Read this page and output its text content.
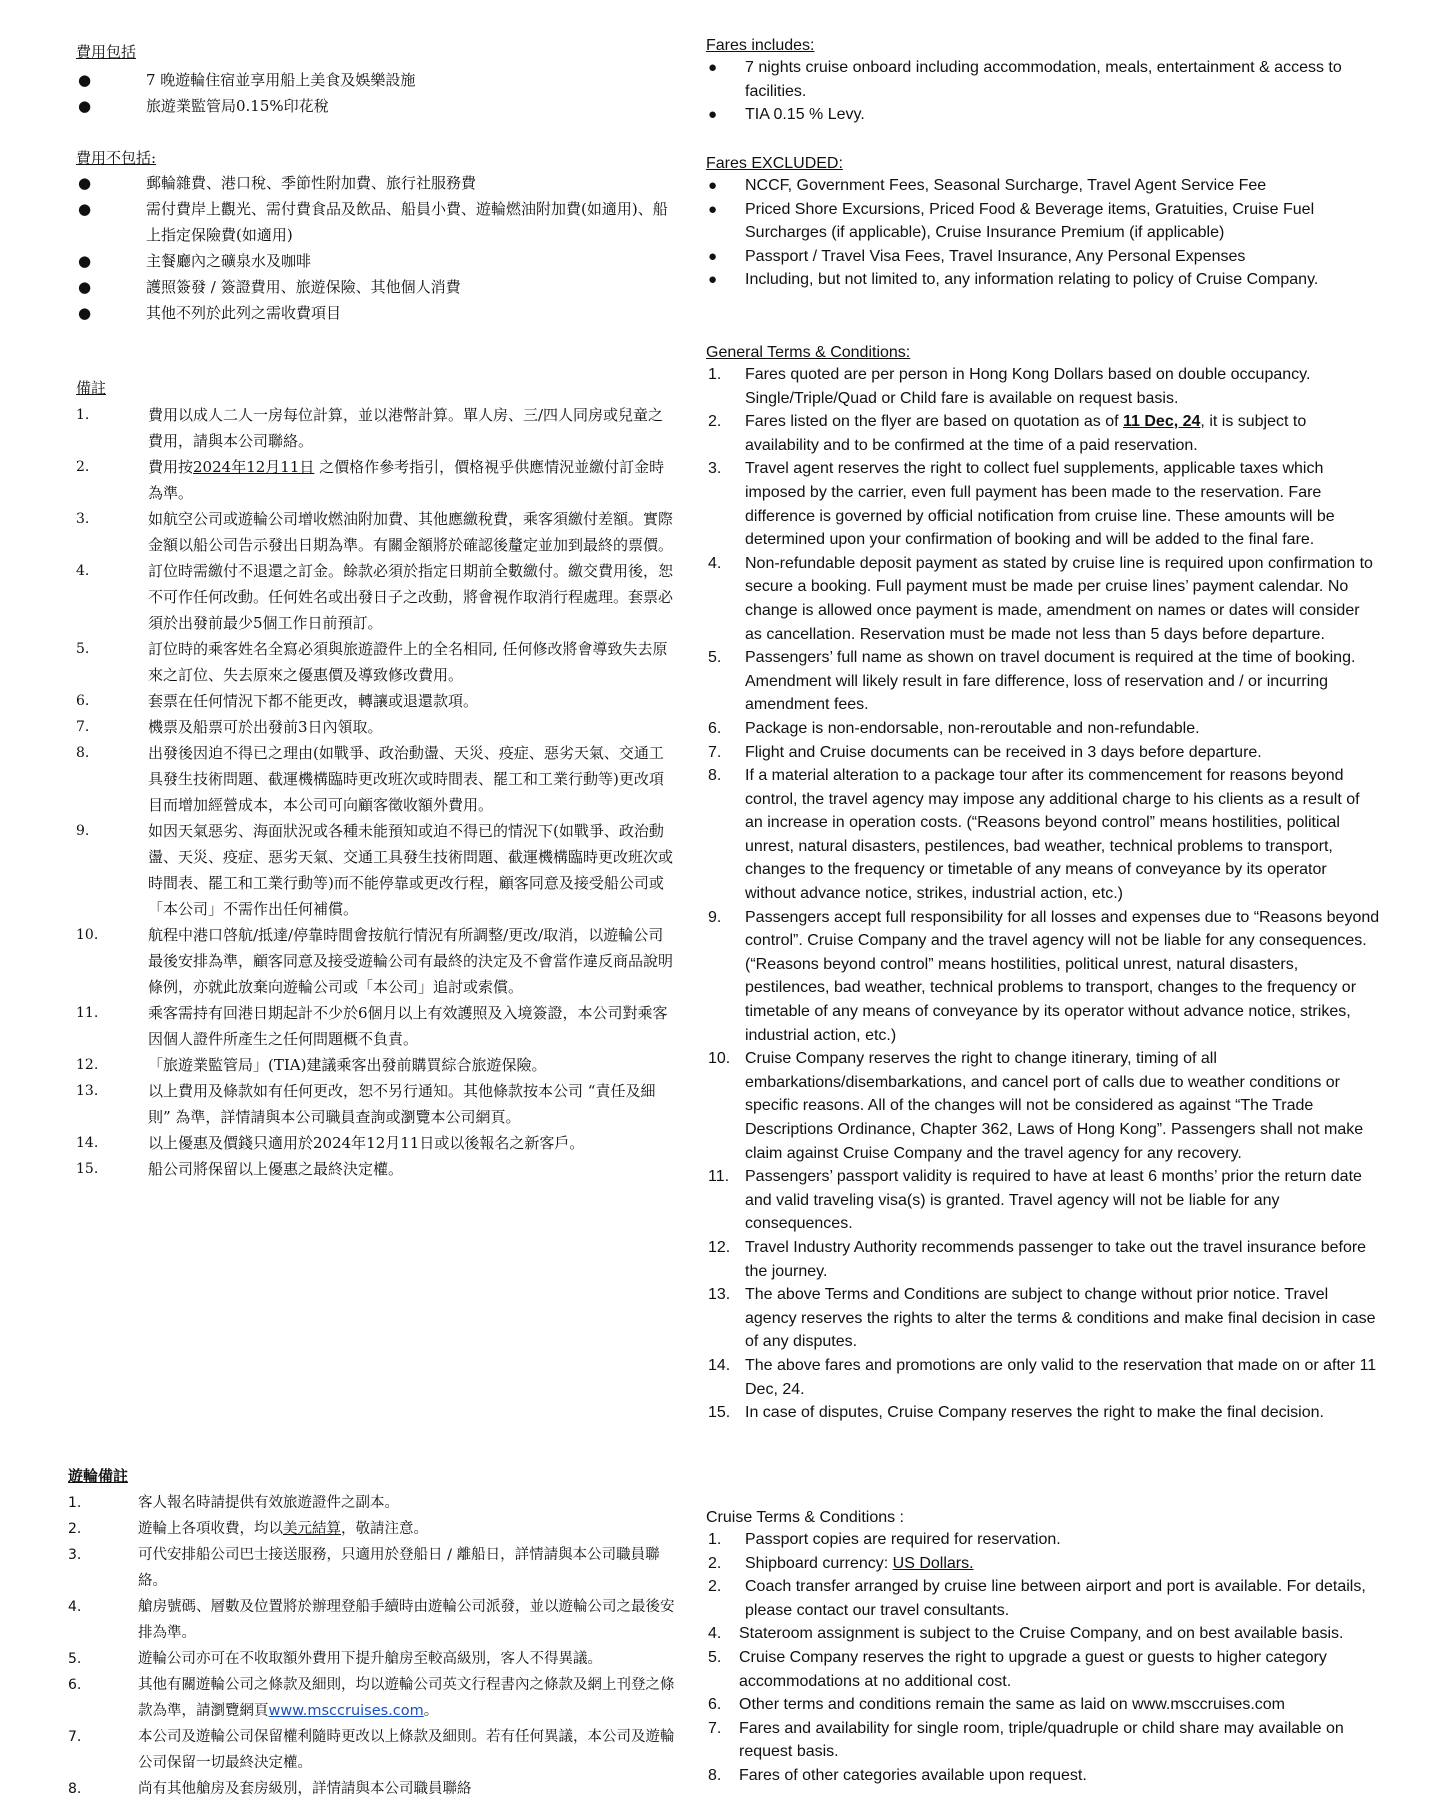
費用包括

●	7 晚遊輪住宿並享用船上美食及娛樂設施
●	旅遊業監管局0.15%印花稅

費用不包括:

●	郵輪雜費、港口稅、季節性附加費、旅行社服務費
●	需付費岸上觀光、需付費食品及飲品、船員小費、遊輪燃油附加費(如適用)、船上指定保險費(如適用)
●	主餐廳內之礦泉水及咖啡
●	護照簽發 / 簽證費用、旅遊保險、其他個人消費
●	其他不列於此列之需收費項目

備註

1.	費用以成人二人一房每位計算，並以港幣計算。單人房、三/四人同房或兒童之費用，請與本公司聯絡。
2.	費用按2024年12月11日 之價格作參考指引，價格視乎供應情況並繳付訂金時為準。
3.	如航空公司或遊輪公司增收燃油附加費、其他應繳稅費，乘客須繳付差額。實際金額以船公司告示發出日期為準。有關金額將於確認後釐定並加到最終的票價。
4.	訂位時需繳付不退還之訂金。餘款必須於指定日期前全數繳付。繳交費用後，恕不可作任何改動。任何姓名或出發日子之改動，將會視作取消行程處理。套票必須於出發前最少5個工作日前預訂。
5.	訂位時的乘客姓名全寫必須與旅遊證件上的全名相同, 任何修改將會導致失去原來之訂位、失去原來之優惠價及導致修改費用。
6.	套票在任何情況下都不能更改，轉讓或退還款項。
7.	機票及船票可於出發前3日內領取。
8.	出發後因迫不得已之理由(如戰爭、政治動盪、天災、疫症、惡劣天氣、交通工具發生技術問題、截運機構臨時更改班次或時間表、罷工和工業行動等)更改項目而增加經營成本，本公司可向顧客徵收額外費用。
9.	如因天氣惡劣、海面狀況或各種未能預知或迫不得已的情況下(如戰爭、政治動盪、天災、疫症、惡劣天氣、交通工具發生技術問題、截運機構臨時更改班次或時間表、罷工和工業行動等)而不能停靠或更改行程，顧客同意及接受船公司或「本公司」不需作出任何補償。
10.	航程中港口啓航/抵達/停靠時間會按航行情況有所調整/更改/取消，以遊輪公司最後安排為準，顧客同意及接受遊輪公司有最終的決定及不會當作違反商品說明條例，亦就此放棄向遊輪公司或「本公司」追討或索償。
11.	乘客需持有回港日期起計不少於6個月以上有效護照及入境簽證，本公司對乘客因個人證件所產生之任何問題概不負責。
12.	「旅遊業監管局」(TIA)建議乘客出發前購買綜合旅遊保險。
13.	以上費用及條款如有任何更改，恕不另行通知。其他條款按本公司 “責任及細則” 為準，詳情請與本公司職員查詢或瀏覽本公司網頁。
14.	以上優惠及價錢只適用於2024年12月11日或以後報名之新客戶。
15.	船公司將保留以上優惠之最終決定權。

遊輪備註

1.	客人報名時請提供有效旅遊證件之副本。
2.	遊輪上各項收費，均以美元結算，敬請注意。
3.	可代安排船公司巴士接送服務，只適用於登船日 / 離船日，詳情請與本公司職員聯絡。
4.	艙房號碼、層數及位置將於辦理登船手續時由遊輪公司派發，並以遊輪公司之最後安排為準。
5.	遊輪公司亦可在不收取額外費用下提升艙房至較高級別，客人不得異議。
6.	其他有關遊輪公司之條款及細則，均以遊輪公司英文行程書內之條款及網上刊登之條款為準，請瀏覽網頁www.msccruises.com。
7.	本公司及遊輪公司保留權利隨時更改以上條款及細則。若有任何異議，本公司及遊輪公司保留一切最終決定權。
8.	尚有其他艙房及套房級別，詳情請與本公司職員聯絡

Fares includes:

● 7 nights cruise onboard including accommodation, meals, entertainment & access to facilities.
● TIA 0.15 % Levy.

Fares EXCLUDED:

● NCCF, Government Fees, Seasonal Surcharge, Travel Agent Service Fee
● Priced Shore Excursions, Priced Food & Beverage items, Gratuities, Cruise Fuel Surcharges (if applicable), Cruise Insurance Premium (if applicable)
● Passport / Travel Visa Fees, Travel Insurance, Any Personal Expenses
● Including, but not limited to, any information relating to policy of Cruise Company.

General Terms & Conditions:

1. Fares quoted are per person in Hong Kong Dollars based on double occupancy. Single/Triple/Quad or Child fare is available on request basis.
2. Fares listed on the flyer are based on quotation as of 11 Dec, 24, it is subject to availability and to be confirmed at the time of a paid reservation.
3. Travel agent reserves the right to collect fuel supplements, applicable taxes which imposed by the carrier, even full payment has been made to the reservation. Fare difference is governed by official notification from cruise line. These amounts will be determined upon your confirmation of booking and will be added to the final fare.
4. Non-refundable deposit payment as stated by cruise line is required upon confirmation to secure a booking. Full payment must be made per cruise lines’ payment calendar. No change is allowed once payment is made, amendment on names or dates will consider as cancellation. Reservation must be made not less than 5 days before departure.
5. Passengers’ full name as shown on travel document is required at the time of booking. Amendment will likely result in fare difference, loss of reservation and / or incurring amendment fees.
6. Package is non-endorsable, non-reroutable and non-refundable.
7. Flight and Cruise documents can be received in 3 days before departure.
8. If a material alteration to a package tour after its commencement for reasons beyond control, the travel agency may impose any additional charge to his clients as a result of an increase in operation costs. (“Reasons beyond control” means hostilities, political unrest, natural disasters, pestilences, bad weather, technical problems to transport, changes to the frequency or timetable of any means of conveyance by its operator without advance notice, strikes, industrial action, etc.)
9. Passengers accept full responsibility for all losses and expenses due to “Reasons beyond control”. Cruise Company and the travel agency will not be liable for any consequences. (“Reasons beyond control” means hostilities, political unrest, natural disasters, pestilences, bad weather, technical problems to transport, changes to the frequency or timetable of any means of conveyance by its operator without advance notice, strikes, industrial action, etc.)
10. Cruise Company reserves the right to change itinerary, timing of all embarkations/disembarkations, and cancel port of calls due to weather conditions or specific reasons. All of the changes will not be considered as against “The Trade Descriptions Ordinance, Chapter 362, Laws of Hong Kong”. Passengers shall not make claim against Cruise Company and the travel agency for any recovery.
11. Passengers’ passport validity is required to have at least 6 months’ prior the return date and valid traveling visa(s) is granted. Travel agency will not be liable for any consequences.
12. Travel Industry Authority recommends passenger to take out the travel insurance before the journey.
13. The above Terms and Conditions are subject to change without prior notice. Travel agency reserves the rights to alter the terms & conditions and make final decision in case of any disputes.
14. The above fares and promotions are only valid to the reservation that made on or after 11 Dec, 24.
15. In case of disputes, Cruise Company reserves the right to make the final decision.

Cruise Terms & Conditions :

1. Passport copies are required for reservation.
2. Shipboard currency: US Dollars.
2. Coach transfer arranged by cruise line between airport and port is available. For details, please contact our travel consultants.
4. Stateroom assignment is subject to the Cruise Company, and on best available basis.
5. Cruise Company reserves the right to upgrade a guest or guests to higher category accommodations at no additional cost.
6. Other terms and conditions remain the same as laid on www.msccruises.com
7. Fares and availability for single room, triple/quadruple or child share may available on request basis.
8. Fares of other categories available upon request.
